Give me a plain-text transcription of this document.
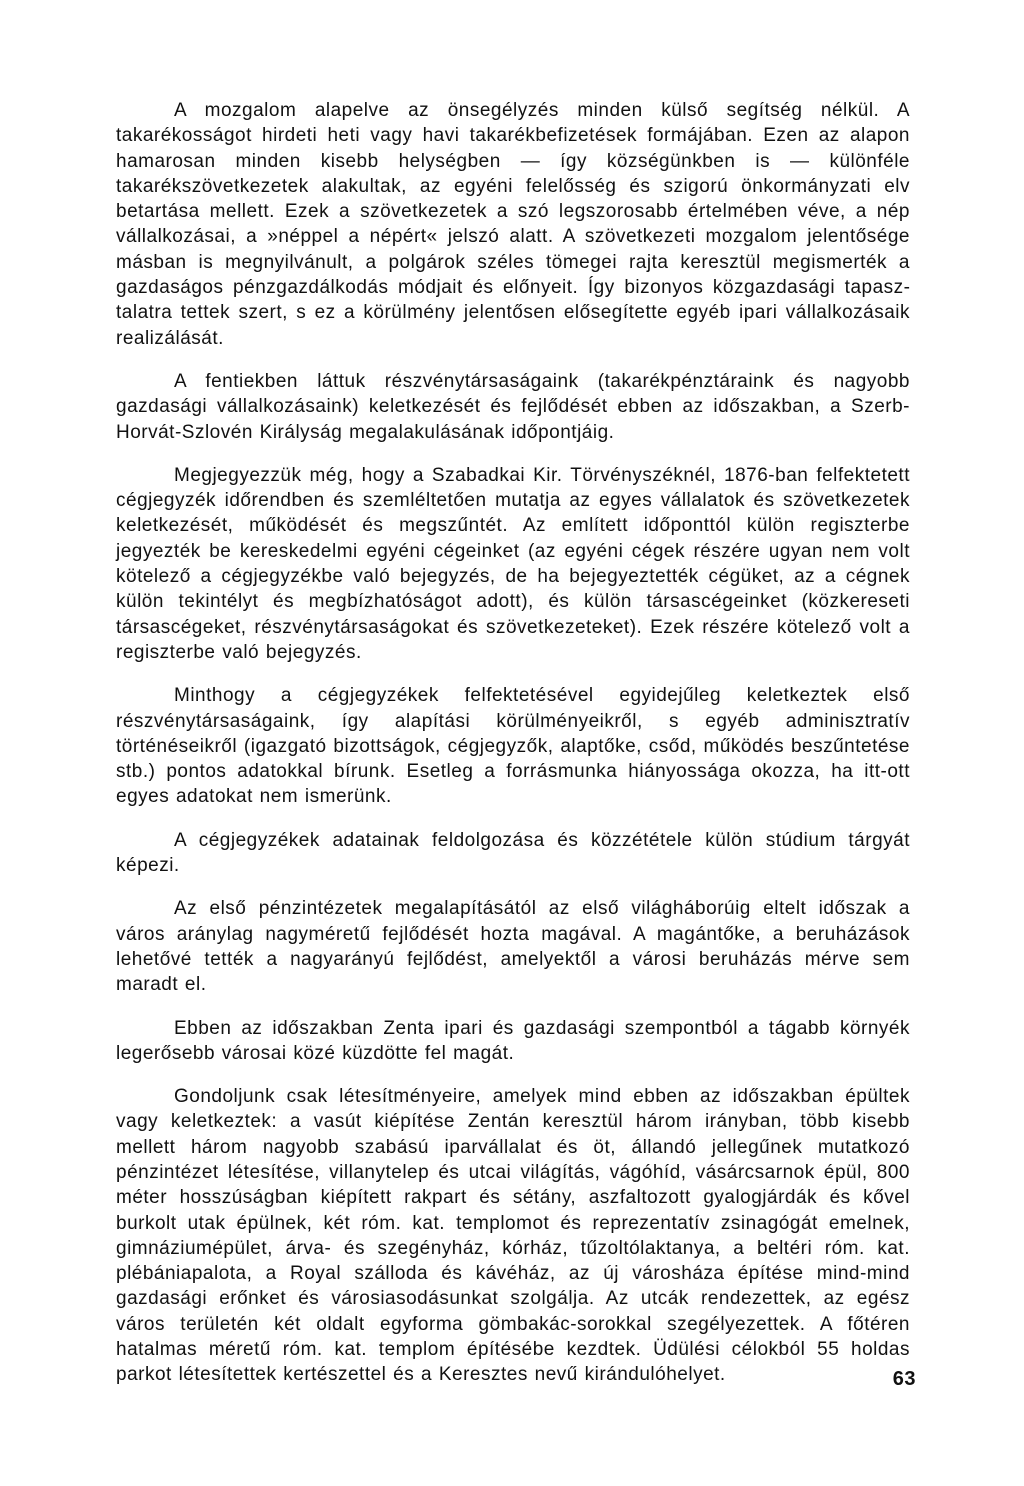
A mozgalom alapelve az önsegélyzés minden külső segítség nélkül. A takarékosságot hirdeti heti vagy havi takarékbefizetések formájában. Ezen az alapon hamarosan minden kisebb helységben — így községünkben is — különféle takarékszövetkezetek alakultak, az egyéni felelősség és szigorú önkormányzati elv betartása mellett. Ezek a szövetkezetek a szó legszorosabb értelmében véve, a nép vállalkozásai, a »néppel a népért« jelszó alatt. A szövetkezeti mozgalom jelentősége másban is megnyilvánult, a polgárok széles tömegei rajta keresztül megismerték a gazdaságos pénzgazdálkodás módjait és előnyeit. Így bizonyos közgazdasági tapasztalatra tettek szert, s ez a körülmény jelentősen elősegítette egyéb ipari vállalkozásaik realizálását.

A fentiekben láttuk részvénytársaságaink (takarékpénztáraink és nagyobb gazdasági vállalkozásaink) keletkezését és fejlődését ebben az időszakban, a Szerb-Horvát-Szlovén Királyság megalakulásának időpontjáig.

Megjegyezzük még, hogy a Szabadkai Kir. Törvényszéknél, 1876-ban felfektetett cégjegyzék időrendben és szemléltetően mutatja az egyes vállalatok és szövetkezetek keletkezését, működését és megszűntét. Az említett időponttól külön regiszterbe jegyezték be kereskedelmi egyéni cégeinket (az egyéni cégek részére ugyan nem volt kötelező a cégjegyzékbe való bejegyzés, de ha bejegyeztették cégüket, az a cégnek külön tekintélyt és megbízhatóságot adott), és külön társascégeinket (közkereseti társascégeket, részvénytársaságokat és szövetkezeteket). Ezek részére kötelező volt a regiszterbe való bejegyzés.

Minthogy a cégjegyzékek felfektetésével egyidejűleg keletkeztek első részvénytársaságaink, így alapítási körülményeikről, s egyéb adminisztratív történéseikről (igazgató bizottságok, cégjegyzők, alaptőke, csőd, működés beszűntetése stb.) pontos adatokkal bírunk. Esetleg a forrásmunka hiányossága okozza, ha itt-ott egyes adatokat nem ismerünk.

A cégjegyzékek adatainak feldolgozása és közzététele külön stúdium tárgyát képezi.

Az első pénzintézetek megalapításától az első világháborúig eltelt időszak a város aránylag nagyméretű fejlődését hozta magával. A magántőke, a beruházások lehetővé tették a nagyarányú fejlődést, amelyektől a városi beruházás mérve sem maradt el.

Ebben az időszakban Zenta ipari és gazdasági szempontból a tágabb környék legerősebb városai közé küzdötte fel magát.

Gondoljunk csak létesítményeire, amelyek mind ebben az időszakban épültek vagy keletkeztek: a vasút kiépítése Zentán keresztül három irányban, több kisebb mellett három nagyobb szabású iparvállalat és öt, állandó jellegűnek mutatkozó pénzintézet létesítése, villanytelep és utcai világítás, vágóhíd, vásárcsarnok épül, 800 méter hosszúságban kiépített rakpart és sétány, aszfaltozott gyalogjárdák és kővel burkolt utak épülnek, két róm. kat. templomot és reprezentatív zsinagógát emelnek, gimnáziumépület, árva- és szegényház, kórház, tűzoltólaktanya, a beltéri róm. kat. plébániapalota, a Royal szálloda és kávéház, az új városháza építése mind-mind gazdasági erőnket és városiasodásunkat szolgálja. Az utcák rendezettek, az egész város területén két oldalt egyforma gömbakác-sorokkal szegélyezettek. A főtéren hatalmas méretű róm. kat. templom építésébe kezdtek. Üdülési célokból 55 holdas parkot létesítettek kertészettel és a Keresztes nevű kirándulóhelyet.	63
